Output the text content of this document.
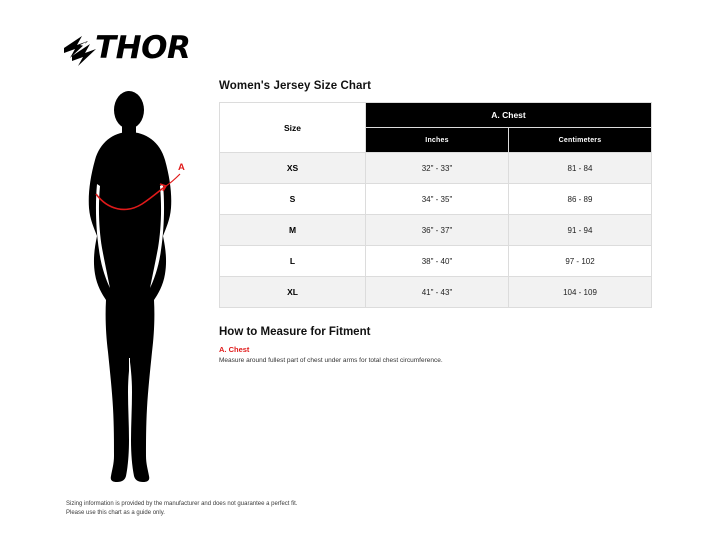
THOR
A
Women's Jersey Size Chart
Size	A. Chest	
	Inches	Centimeters
XS	32" - 33"	81 - 84
S	34" - 35"	86 - 89
M	36" - 37"	91 - 94
L	38" - 40"	97 - 102
XL	41" - 43"	104 - 109
How to Measure for Fitment
A. Chest
Measure around fullest part of chest under arms for total chest circumference.
Sizing information is provided by the manufacturer and does not guarantee a perfect fit.
Please use this chart as a guide only.
